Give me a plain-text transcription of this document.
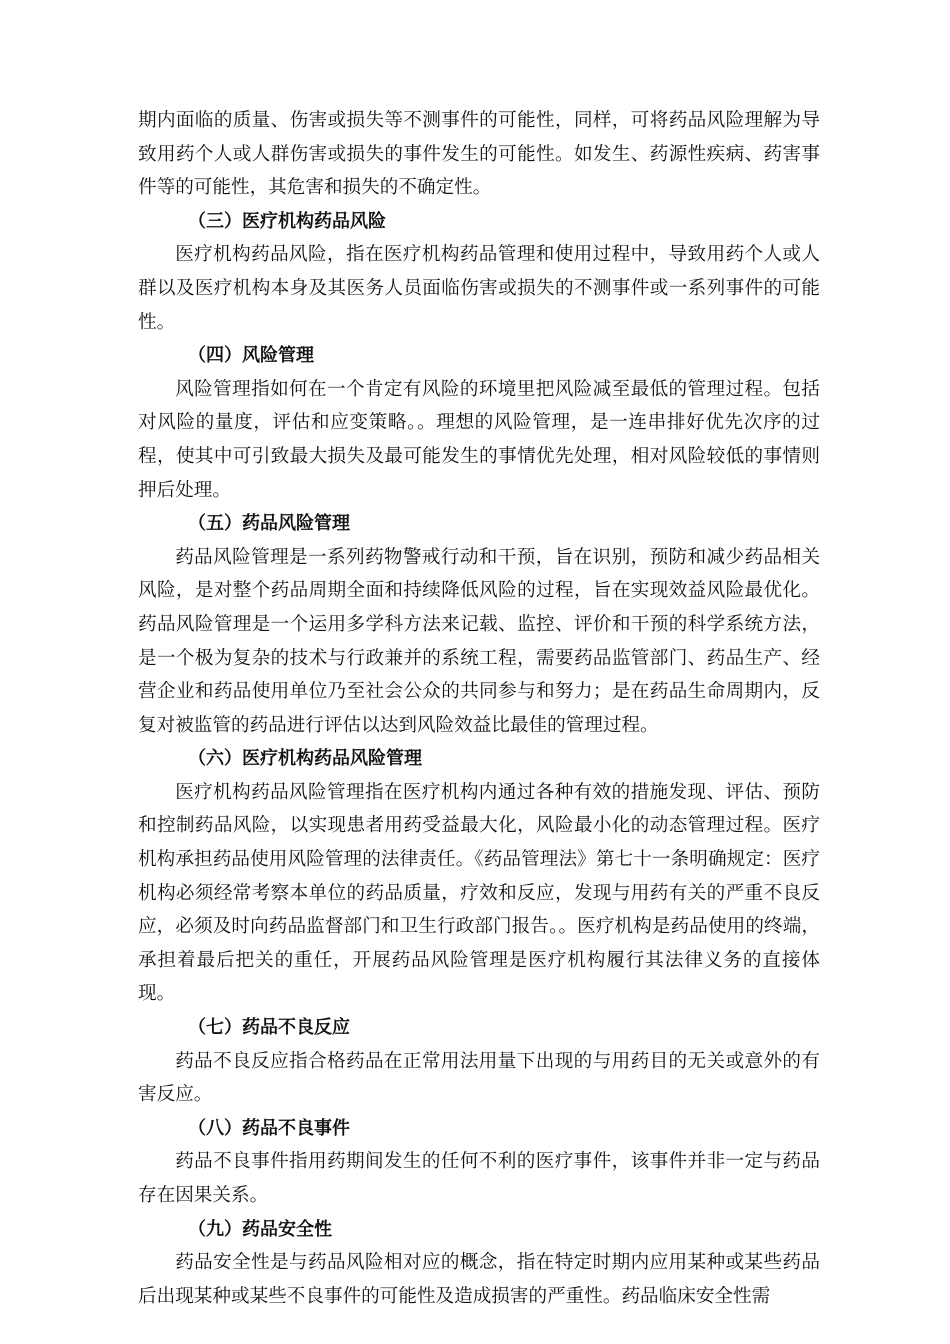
期内面临的质量、伤害或损失等不测事件的可能性，同样，可将药品风险理解为导致用药个人或人群伤害或损失的事件发生的可能性。如发生、药源性疾病、药害事件等的可能性，其危害和损失的不确定性。

（三）医疗机构药品风险

医疗机构药品风险，指在医疗机构药品管理和使用过程中，导致用药个人或人群以及医疗机构本身及其医务人员面临伤害或损失的不测事件或一系列事件的可能性。

（四）风险管理

风险管理指如何在一个肯定有风险的环境里把风险减至最低的管理过程。包括对风险的量度，评估和应变策略。。理想的风险管理，是一连串排好优先次序的过程，使其中可引致最大损失及最可能发生的事情优先处理，相对风险较低的事情则押后处理。

（五）药品风险管理

药品风险管理是一系列药物警戒行动和干预，旨在识别，预防和减少药品相关风险，是对整个药品周期全面和持续降低风险的过程，旨在实现效益风险最优化。药品风险管理是一个运用多学科方法来记载、监控、评价和干预的科学系统方法，是一个极为复杂的技术与行政兼并的系统工程，需要药品监管部门、药品生产、经营企业和药品使用单位乃至社会公众的共同参与和努力；是在药品生命周期内，反复对被监管的药品进行评估以达到风险效益比最佳的管理过程。

（六）医疗机构药品风险管理

医疗机构药品风险管理指在医疗机构内通过各种有效的措施发现、评估、预防和控制药品风险，以实现患者用药受益最大化，风险最小化的动态管理过程。医疗机构承担药品使用风险管理的法律责任。《药品管理法》第七十一条明确规定：医疗机构必须经常考察本单位的药品质量，疗效和反应，发现与用药有关的严重不良反应，必须及时向药品监督部门和卫生行政部门报告。。医疗机构是药品使用的终端，承担着最后把关的重任，开展药品风险管理是医疗机构履行其法律义务的直接体现。

（七）药品不良反应

药品不良反应指合格药品在正常用法用量下出现的与用药目的无关或意外的有害反应。

（八）药品不良事件

药品不良事件指用药期间发生的任何不利的医疗事件，该事件并非一定与药品存在因果关系。

（九）药品安全性

药品安全性是与药品风险相对应的概念，指在特定时期内应用某种或某些药品后出现某种或某些不良事件的可能性及造成损害的严重性。药品临床安全性需
